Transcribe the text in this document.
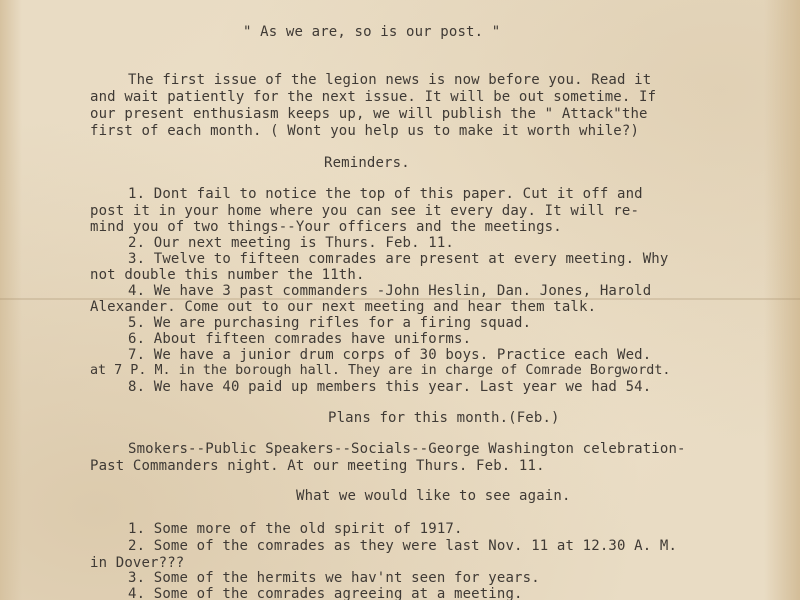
" As we are, so is our post. "
The first issue of the legion news is now before you. Read it
and wait patiently for the next issue. It will be out sometime. If
our present enthusiasm keeps up, we will publish the " Attack"the
first of each month. ( Wont you help us to make it worth while?)
Reminders.
1. Dont fail to notice the top of this paper. Cut it off and
post it in your home where you can see it every day. It will re-
mind you of two things--Your officers and the meetings.
2. Our next meeting is Thurs. Feb. 11.
3. Twelve to fifteen comrades are present at every meeting. Why
not double this number the 11th.
4. We have 3 past commanders -John Heslin, Dan. Jones, Harold
Alexander. Come out to our next meeting and hear them talk.
5. We are purchasing rifles for a firing squad.
6. About fifteen comrades have uniforms.
7. We have a junior drum corps of 30 boys. Practice each Wed.
at 7 P. M. in the borough hall. They are in charge of Comrade Borgwordt.
8. We have 40 paid up members this year. Last year we had 54.
Plans for this month.(Feb.)
Smokers--Public Speakers--Socials--George Washington celebration-
Past Commanders night. At our meeting Thurs. Feb. 11.
What we would like to see again.
1. Some more of the old spirit of 1917.
2. Some of the comrades as they were last Nov. 11 at 12.30 A. M.
in Dover???
3. Some of the hermits we hav'nt seen for years.
4. Some of the comrades agreeing at a meeting.
